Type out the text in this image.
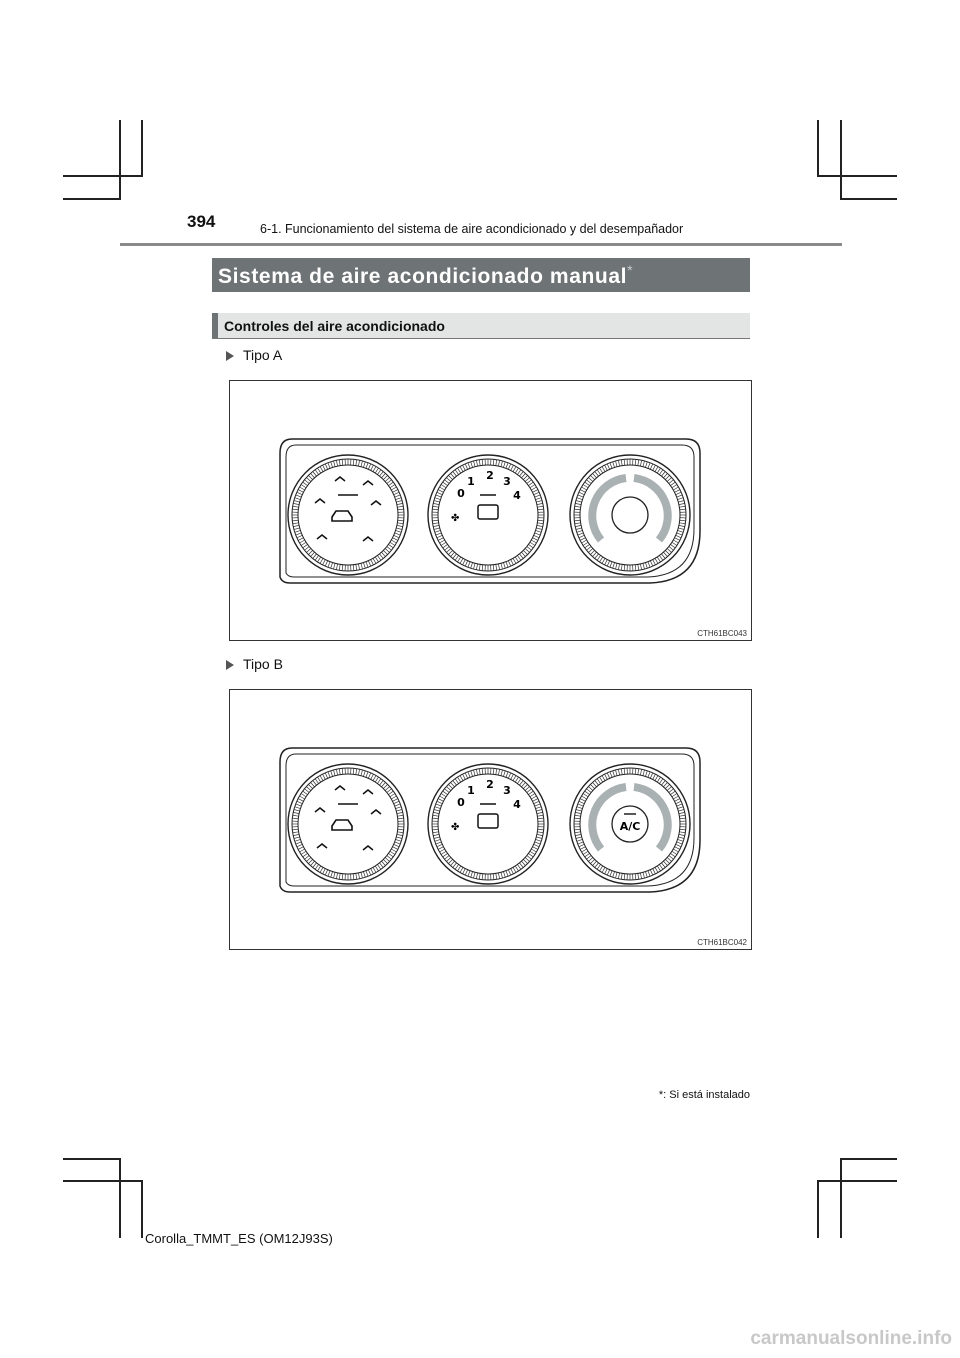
394	6-1. Funcionamiento del sistema de aire acondicionado y del desempañador
Sistema de aire acondicionado manual*
Controles del aire acondicionado
Tipo A
✤
0
1 2 3
4
CTH61BC043
Tipo B
✤
0
1 2 3
4
A/C
CTH61BC042
*: Si está instalado
Corolla_TMMT_ES (OM12J93S)
carmanualsonline.info
